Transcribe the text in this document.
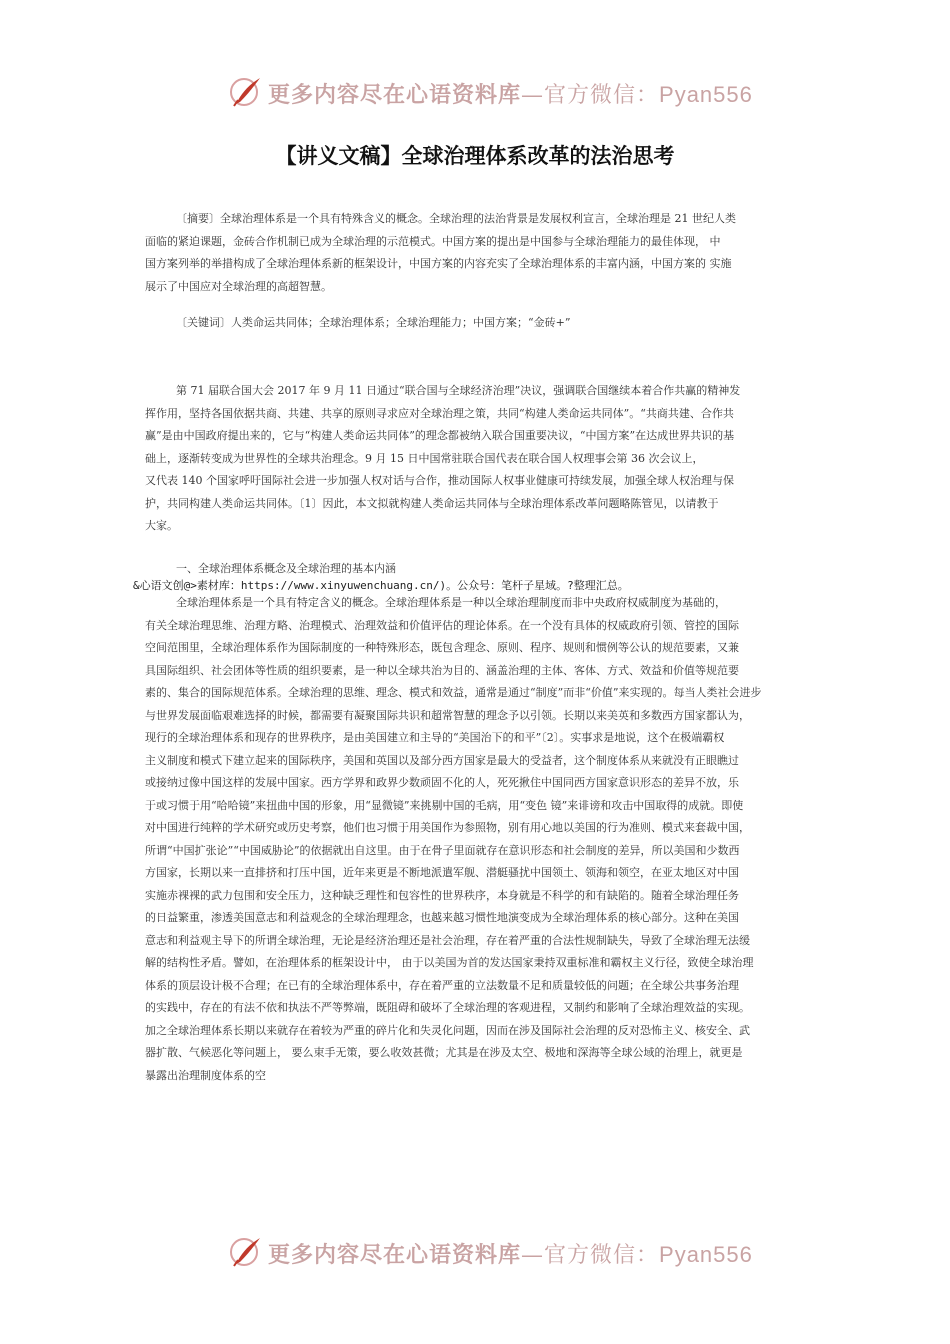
更多内容尽在心语资料库—官方微信：Pyan556
【讲义文稿】全球治理体系改革的法治思考
〔摘要〕全球治理体系是一个具有特殊含义的概念。全球治理的法治背景是发展权利宣言，全球治理是 21 世纪人类
面临的紧迫课题，金砖合作机制已成为全球治理的示范模式。中国方案的提出是中国参与全球治理能力的最佳体现， 中
国方案列举的举措构成了全球治理体系新的框架设计，中国方案的内容充实了全球治理体系的丰富内涵，中国方案的 实施
展示了中国应对全球治理的高超智慧。
〔关键词〕人类命运共同体；全球治理体系；全球治理能力；中国方案；“金砖+”
第 71 届联合国大会 2017 年 9 月 11 日通过“联合国与全球经济治理”决议，强调联合国继续本着合作共赢的精神发
挥作用，坚持各国依据共商、共建、共享的原则寻求应对全球治理之策，共同“构建人类命运共同体”。“共商共建、合作共
赢”是由中国政府提出来的，它与“构建人类命运共同体”的理念都被纳入联合国重要决议，“中国方案”在达成世界共识的基
础上，逐渐转变成为世界性的全球共治理念。9 月 15 日中国常驻联合国代表在联合国人权理事会第 36 次会议上，
又代表 140 个国家呼吁国际社会进一步加强人权对话与合作，推动国际人权事业健康可持续发展，加强全球人权治理与保
护，共同构建人类命运共同体。〔1〕因此，本文拟就构建人类命运共同体与全球治理体系改革问题略陈管见，以请教于
大家。
一、全球治理体系概念及全球治理的基本内涵
&心语文创@>素材库：https://www.xinyuwenchuang.cn/)。公众号：笔杆子星域。?整理汇总。
全球治理体系是一个具有特定含义的概念。全球治理体系是一种以全球治理制度而非中央政府权威制度为基础的，
有关全球治理思维、治理方略、治理模式、治理效益和价值评估的理论体系。在一个没有具体的权威政府引领、管控的国际
空间范围里，全球治理体系作为国际制度的一种特殊形态，既包含理念、原则、程序、规则和惯例等公认的规范要素，又兼
具国际组织、社会团体等性质的组织要素，是一种以全球共治为目的、涵盖治理的主体、客体、方式、效益和价值等规范要
素的、集合的国际规范体系。全球治理的思维、理念、模式和效益，通常是通过“制度”而非“价值”来实现的。每当人类社会进步
与世界发展面临艰难选择的时候，都需要有凝聚国际共识和超常智慧的理念予以引领。长期以来美英和多数西方国家都认为，
现行的全球治理体系和现存的世界秩序，是由美国建立和主导的“美国治下的和平”〔2〕。实事求是地说，这个在极端霸权
主义制度和模式下建立起来的国际秩序，美国和英国以及部分西方国家是最大的受益者，这个制度体系从来就没有正眼瞧过
或接纳过像中国这样的发展中国家。西方学界和政界少数顽固不化的人，死死揪住中国同西方国家意识形态的差异不放，乐
于或习惯于用“哈哈镜”来扭曲中国的形象，用“显微镜”来挑剔中国的毛病，用“变色 镜”来诽谤和攻击中国取得的成就。即使
对中国进行纯粹的学术研究或历史考察，他们也习惯于用美国作为参照物，别有用心地以美国的行为准则、模式来套裁中国，
所谓“中国扩张论”“中国威胁论”的依据就出自这里。由于在骨子里面就存在意识形态和社会制度的差异，所以美国和少数西
方国家，长期以来一直排挤和打压中国，近年来更是不断地派遣军舰、潜艇骚扰中国领土、领海和领空，在亚太地区对中国
实施赤裸裸的武力包围和安全压力，这种缺乏理性和包容性的世界秩序，本身就是不科学的和有缺陷的。随着全球治理任务
的日益繁重，渗透美国意志和利益观念的全球治理理念，也越来越习惯性地演变成为全球治理体系的核心部分。这种在美国
意志和利益观主导下的所谓全球治理，无论是经济治理还是社会治理，存在着严重的合法性规制缺失，导致了全球治理无法缓
解的结构性矛盾。譬如，在治理体系的框架设计中， 由于以美国为首的发达国家秉持双重标准和霸权主义行径，致使全球治理
体系的顶层设计极不合理；在已有的全球治理体系中，存在着严重的立法数量不足和质量较低的问题；在全球公共事务治理
的实践中，存在的有法不依和执法不严等弊端，既阻碍和破坏了全球治理的客观进程，又制约和影响了全球治理效益的实现。
加之全球治理体系长期以来就存在着较为严重的碎片化和失灵化问题，因而在涉及国际社会治理的反对恐怖主义、核安全、武
器扩散、气候恶化等问题上， 要么束手无策，要么收效甚微；尤其是在涉及太空、极地和深海等全球公域的治理上，就更是
暴露出治理制度体系的空
更多内容尽在心语资料库—官方微信：Pyan556
